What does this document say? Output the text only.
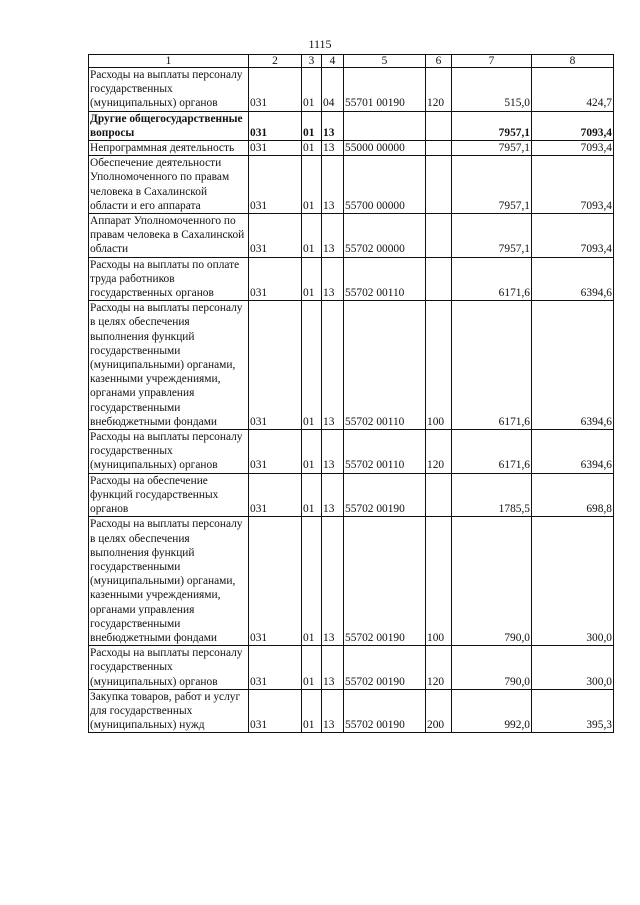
1115
1	2	3	4	5	6	7	8
Расходы на выплаты персоналу государственных (муниципальных) органов	031	01	04	55701 00190	120	515,0	424,7
Другие общегосударственные вопросы	031	01	13			7957,1	7093,4
Непрограммная деятельность	031	01	13	55000 00000		7957,1	7093,4
Обеспечение деятельности Уполномоченного по правам человека в Сахалинской области и его аппарата	031	01	13	55700 00000		7957,1	7093,4
Аппарат Уполномоченного по правам человека в Сахалинской области	031	01	13	55702 00000		7957,1	7093,4
Расходы на выплаты по оплате труда работников государственных органов	031	01	13	55702 00110		6171,6	6394,6
Расходы на выплаты персоналу в целях обеспечения выполнения функций государственными (муниципальными) органами, казенными учреждениями, органами управления государственными внебюджетными фондами	031	01	13	55702 00110	100	6171,6	6394,6
Расходы на выплаты персоналу государственных (муниципальных) органов	031	01	13	55702 00110	120	6171,6	6394,6
Расходы на обеспечение функций государственных органов	031	01	13	55702 00190		1785,5	698,8
Расходы на выплаты персоналу в целях обеспечения выполнения функций государственными (муниципальными) органами, казенными учреждениями, органами управления государственными внебюджетными фондами	031	01	13	55702 00190	100	790,0	300,0
Расходы на выплаты персоналу государственных (муниципальных) органов	031	01	13	55702 00190	120	790,0	300,0
Закупка товаров, работ и услуг для государственных (муниципальных) нужд	031	01	13	55702 00190	200	992,0	395,3
